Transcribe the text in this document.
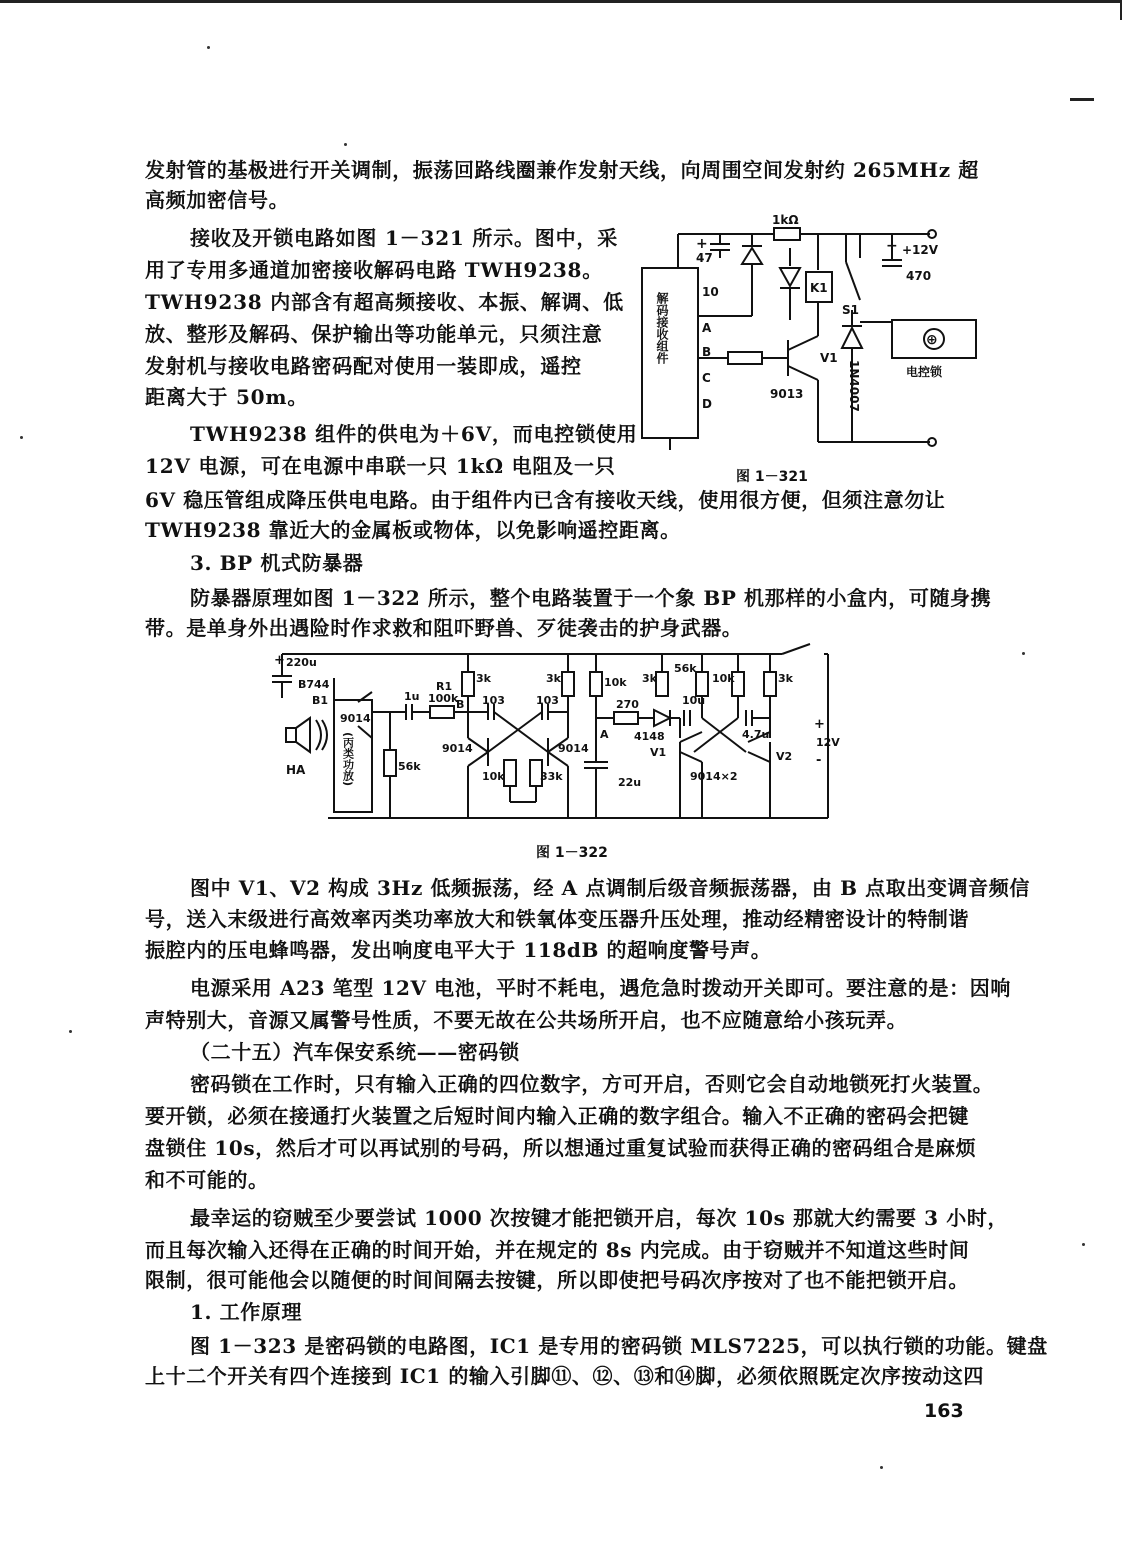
发射管的基极进行开关调制，振荡回路线圈兼作发射天线，向周围空间发射约 265MHz 超
高频加密信号。
接收及开锁电路如图 1－321 所示。图中，采
用了专用多通道加密接收解码电路 TWH9238。
TWH9238 内部含有超高频接收、本振、解调、低
放、整形及解码、保护输出等功能单元，只须注意
发射机与接收电路密码配对使用一装即成，遥控
距离大于 50m。
TWH9238 组件的供电为＋6V，而电控锁使用
12V 电源，可在电源中串联一只 1kΩ 电阻及一只
6V 稳压管组成降压供电电路。由于组件内已含有接收天线，使用很方便，但须注意勿让
TWH9238 靠近大的金属板或物体，以免影响遥控距离。
3. BP 机式防暴器
防暴器原理如图 1－322 所示，整个电路装置于一个象 BP 机那样的小盒内，可随身携
带。是单身外出遇险时作求救和阻吓野兽、歹徒袭击的护身武器。
解码接收组件
1kΩ
+
47
10
A
B
C
D
K1
S1
+12V
+
470
V1
9013	1N4007
⊕
电控锁
图 1－321
+ 220u
B744
B1
9014
(丙类功放)
HA
1u
R1
100k
B
56k
3k
103	103
3k
9014	9014
10k	33k
10k
270
A 4148
22u
3k
56k
10u
10k
4.7u
3k
V1	V2
9014×2
+
12V
-
图 1－322
图中 V1、V2 构成 3Hz 低频振荡，经 A 点调制后级音频振荡器，由 B 点取出变调音频信
号，送入末级进行高效率丙类功率放大和铁氧体变压器升压处理，推动经精密设计的特制谐
振腔内的压电蜂鸣器，发出响度电平大于 118dB 的超响度警号声。
电源采用 A23 笔型 12V 电池，平时不耗电，遇危急时拨动开关即可。要注意的是：因响
声特别大，音源又属警号性质，不要无故在公共场所开启，也不应随意给小孩玩弄。
（二十五）汽车保安系统——密码锁
密码锁在工作时，只有输入正确的四位数字，方可开启，否则它会自动地锁死打火装置。
要开锁，必须在接通打火装置之后短时间内输入正确的数字组合。输入不正确的密码会把键
盘锁住 10s，然后才可以再试别的号码，所以想通过重复试验而获得正确的密码组合是麻烦
和不可能的。
最幸运的窃贼至少要尝试 1000 次按键才能把锁开启，每次 10s 那就大约需要 3 小时，
而且每次输入还得在正确的时间开始，并在规定的 8s 内完成。由于窃贼并不知道这些时间
限制，很可能他会以随便的时间间隔去按键，所以即使把号码次序按对了也不能把锁开启。
1. 工作原理
图 1－323 是密码锁的电路图，IC1 是专用的密码锁 MLS7225，可以执行锁的功能。键盘
上十二个开关有四个连接到 IC1 的输入引脚⑪、⑫、⑬和⑭脚，必须依照既定次序按动这四
163
